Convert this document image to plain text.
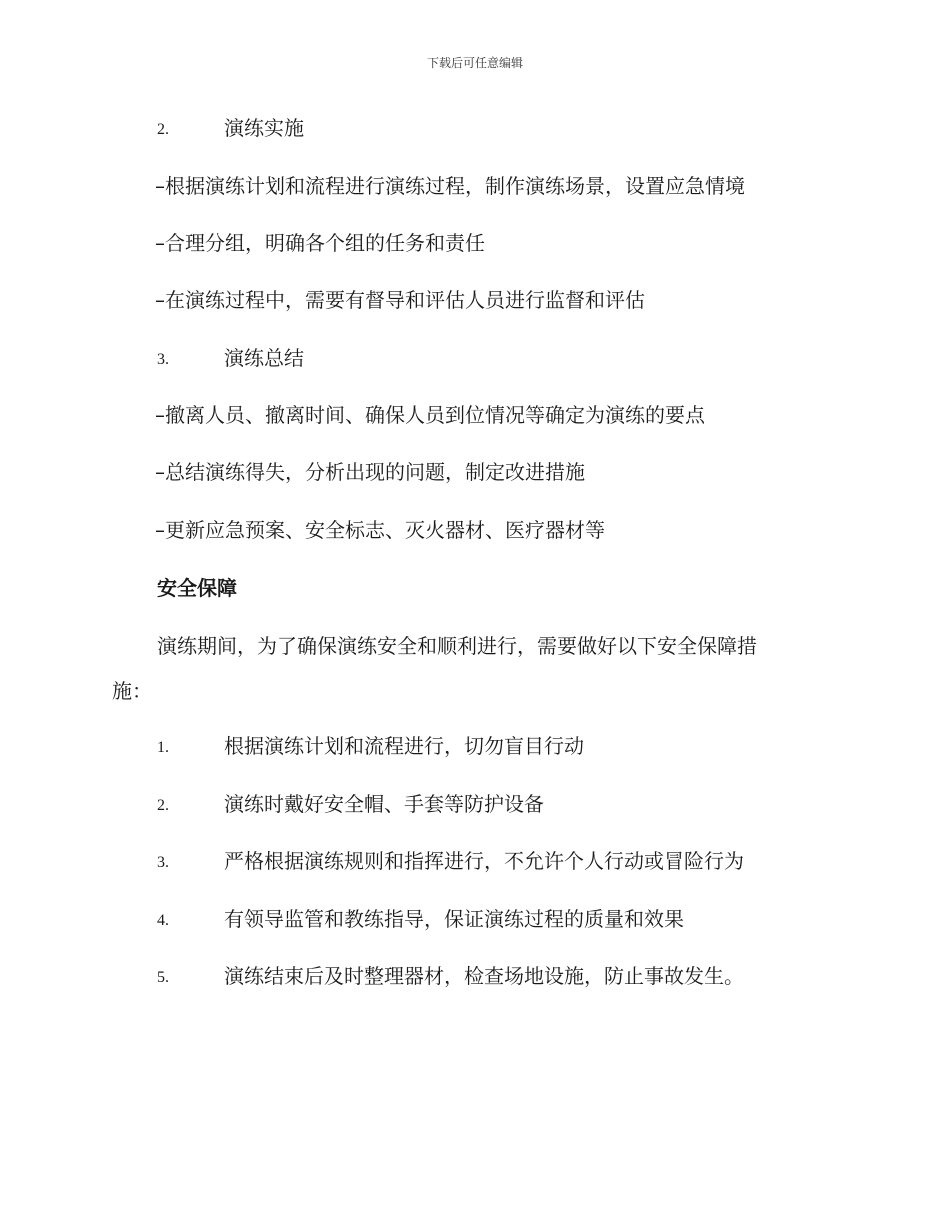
下载后可任意编辑
2.	演练实施
–根据演练计划和流程进行演练过程，制作演练场景，设置应急情境
–合理分组，明确各个组的任务和责任
–在演练过程中，需要有督导和评估人员进行监督和评估
3.	演练总结
–撤离人员、撤离时间、确保人员到位情况等确定为演练的要点
–总结演练得失，分析出现的问题，制定改进措施
–更新应急预案、安全标志、灭火器材、医疗器材等
安全保障
演练期间，为了确保演练安全和顺利进行，需要做好以下安全保障措
施：
1.	根据演练计划和流程进行，切勿盲目行动
2.	演练时戴好安全帽、手套等防护设备
3.	严格根据演练规则和指挥进行，不允许个人行动或冒险行为
4.	有领导监管和教练指导，保证演练过程的质量和效果
5.	演练结束后及时整理器材，检查场地设施，防止事故发生。
